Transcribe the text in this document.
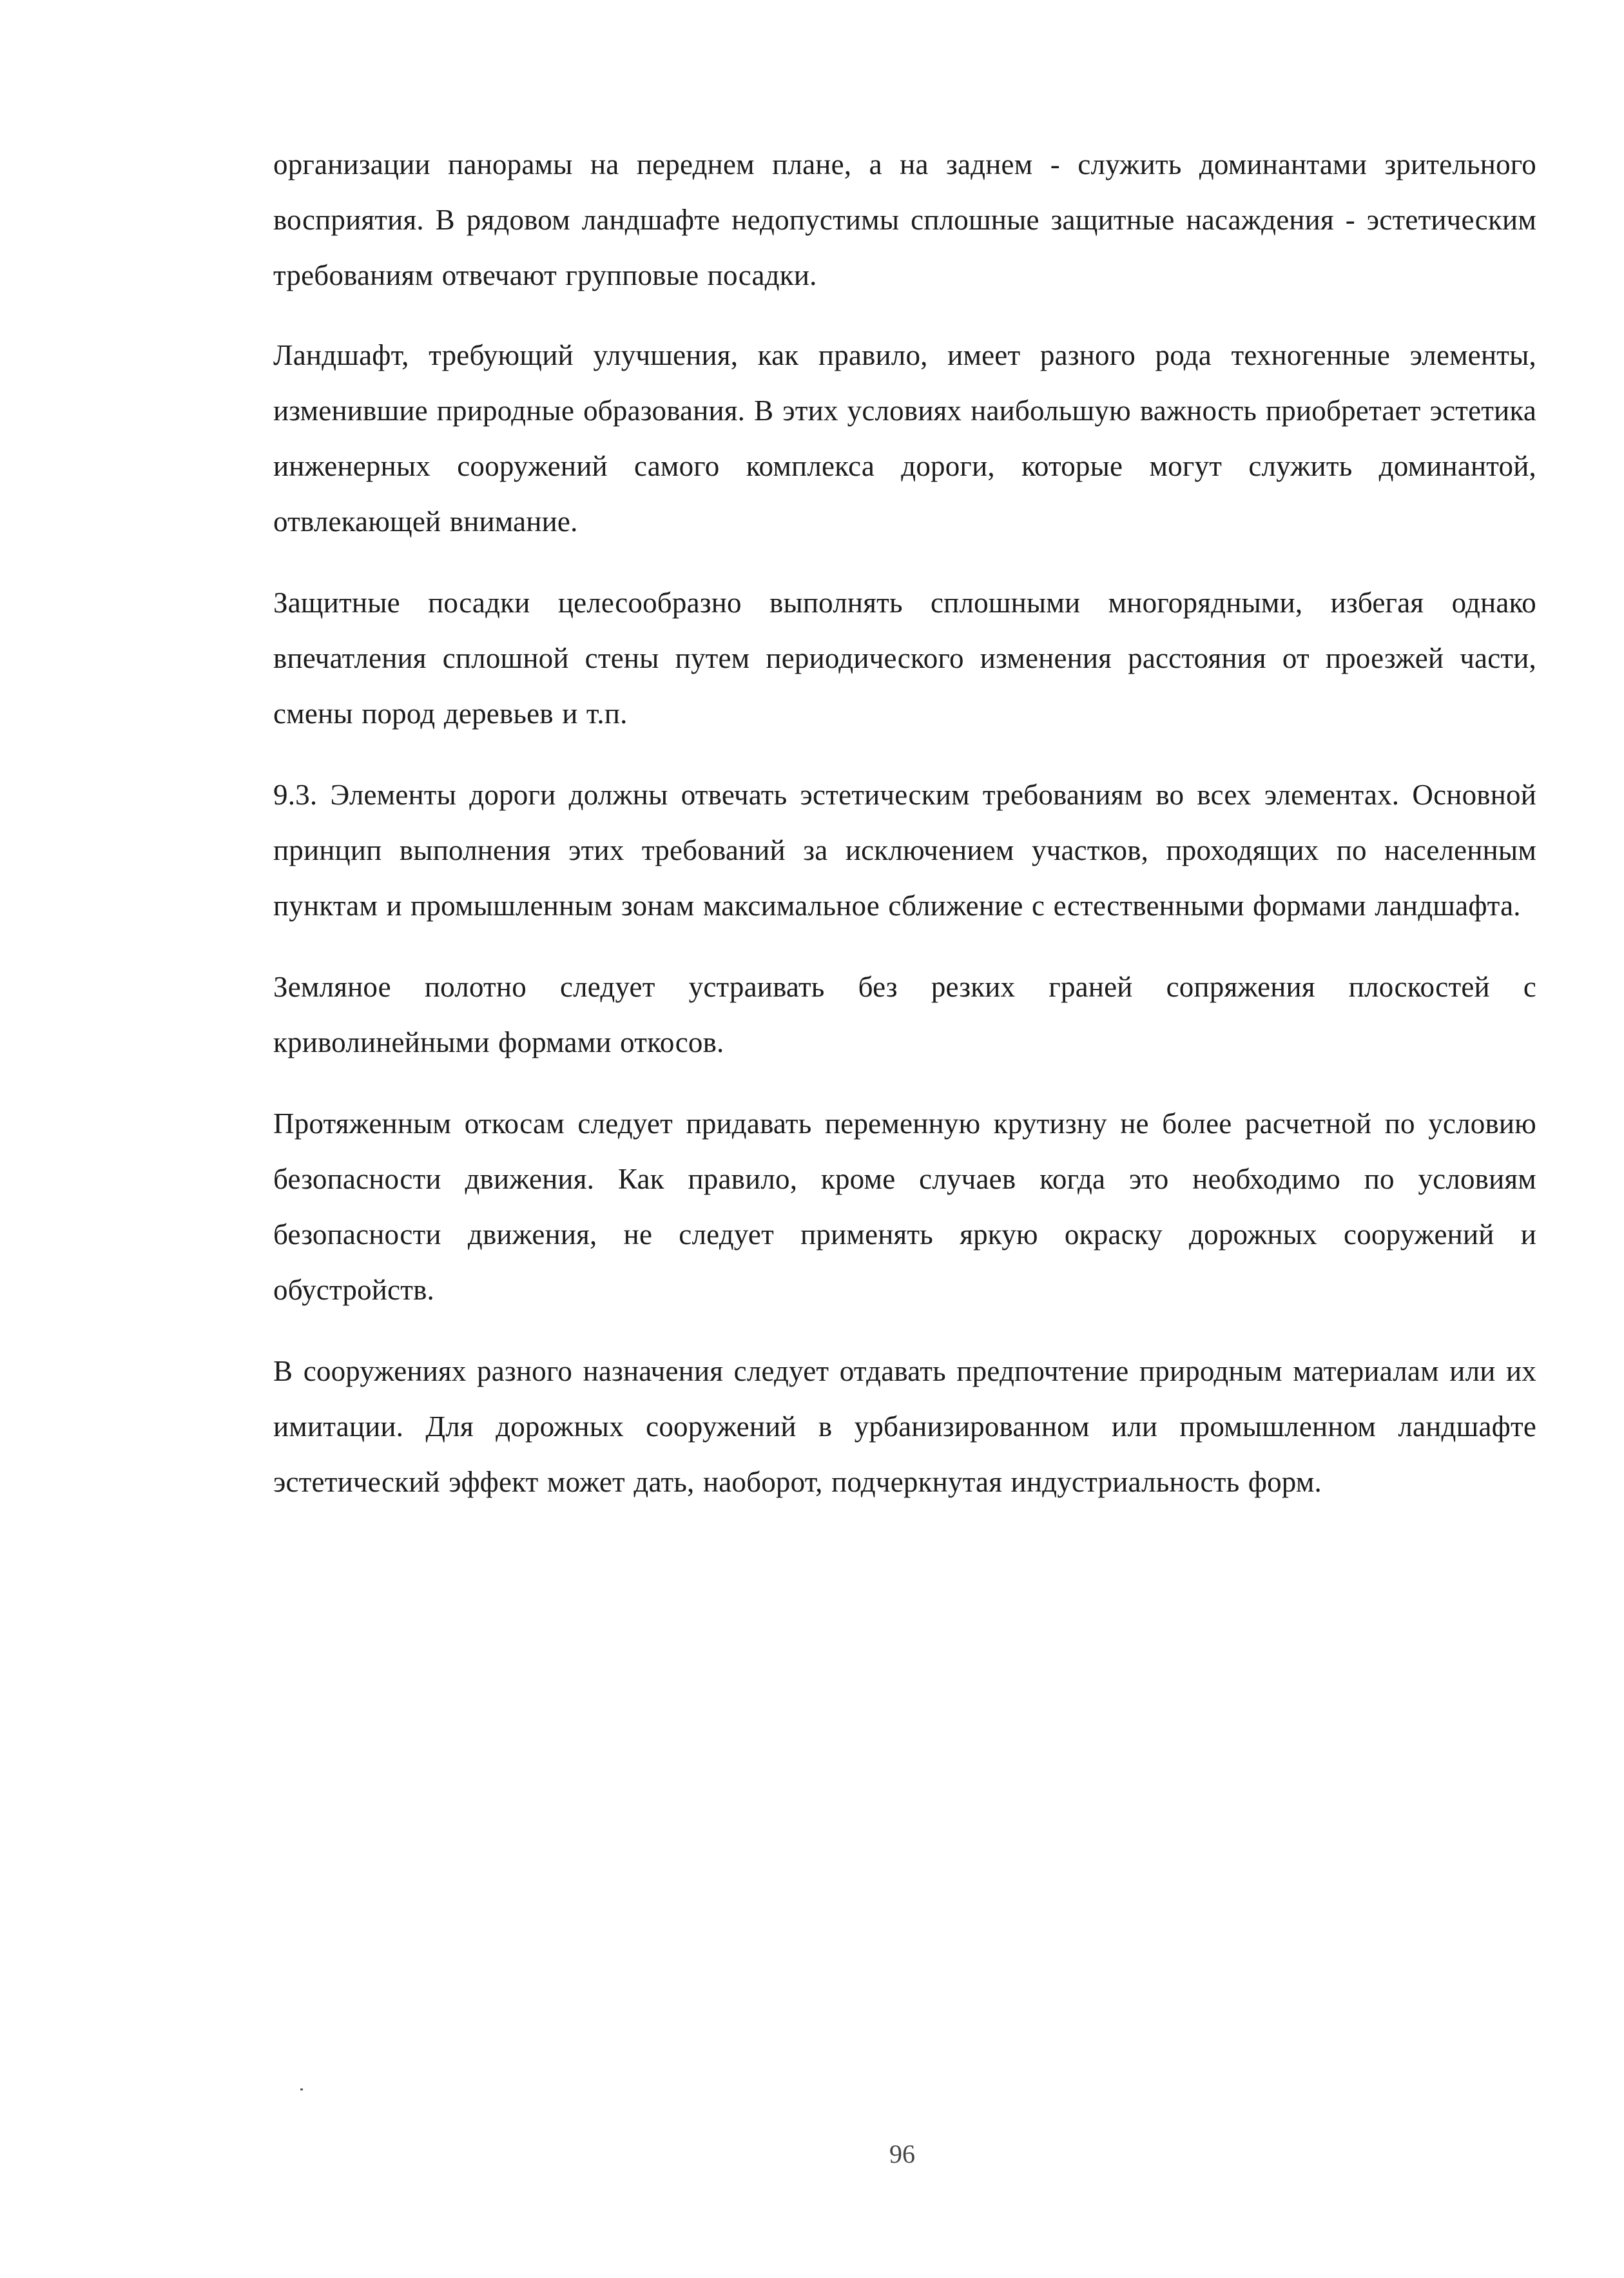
организации панорамы на переднем плане, а на заднем - служить доминантами зрительного восприятия. В рядовом ландшафте недопустимы сплошные защитные насаждения - эстетическим требованиям отвечают групповые посадки.

Ландшафт, требующий улучшения, как правило, имеет разного рода техногенные элементы, изменившие природные образования. В этих условиях наибольшую важность приобретает эстетика инженерных сооружений самого комплекса дороги, которые могут служить доминантой, отвлекающей внимание.

Защитные посадки целесообразно выполнять сплошными многорядными, избегая однако впечатления сплошной стены путем периодического изменения расстояния от проезжей части, смены пород деревьев и т.п.

9.3. Элементы дороги должны отвечать эстетическим требованиям во всех элементах. Основной принцип выполнения этих требований за исключением участков, проходящих по населенным пунктам и промышленным зонам максимальное сближение с естественными формами ландшафта.

Земляное полотно следует устраивать без резких граней сопряжения плоскостей с криволинейными формами откосов.

Протяженным откосам следует придавать переменную крутизну не более расчетной по условию безопасности движения. Как правило, кроме случаев когда это необходимо по условиям безопасности движения, не следует применять яркую окраску дорожных сооружений и обустройств.

В сооружениях разного назначения следует отдавать предпочтение природным материалам или их имитации. Для дорожных сооружений в урбанизированном или промышленном ландшафте эстетический эффект может дать, наоборот, подчеркнутая индустриальность форм.

96
